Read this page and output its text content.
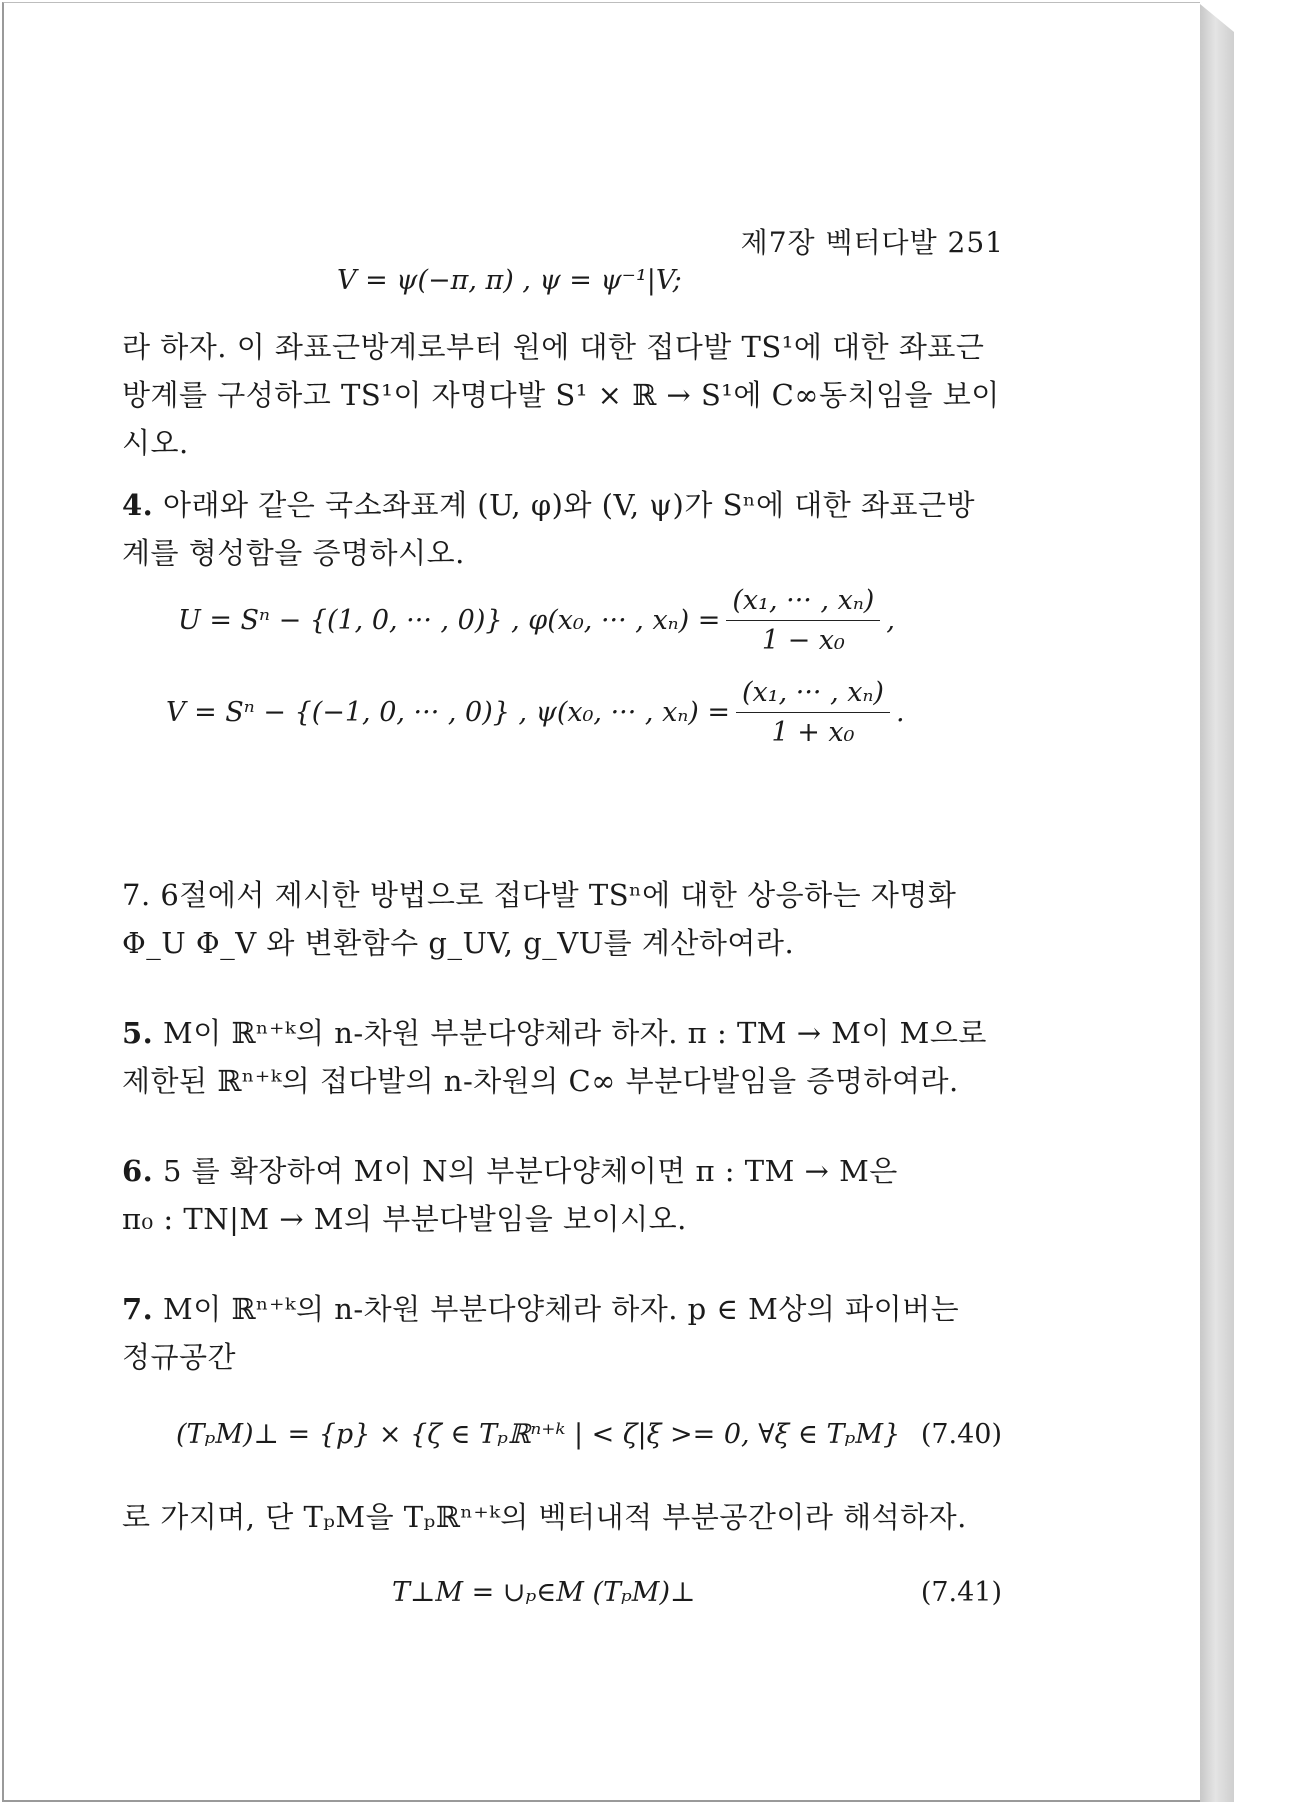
제7장 벡터다발 251
V = ψ(−π, π) , ψ = ψ⁻¹|V;
라 하자. 이 좌표근방계로부터 원에 대한 접다발 TS¹에 대한 좌표근
방계를 구성하고 TS¹이 자명다발 S¹ × ℝ → S¹에 C∞동치임을 보이
시오.
4. 아래와 같은 국소좌표계 (U, φ)와 (V, ψ)가 Sⁿ에 대한 좌표근방
계를 형성함을 증명하시오.
U = Sⁿ − {(1, 0, ··· , 0)} , φ(x₀, ··· , $x_n) = \frac{\text{(x₁, ··· , xₙ)}}{\text{1 − x₀}}$ ,
V = Sⁿ − {(−1, 0, ··· , 0)} , ψ(x₀, ··· , $x_n) = \frac{\text{(x₁, ··· , xₙ)}}{\text{1 + x₀}}$ .
7. 6절에서 제시한 방법으로 접다발 TSⁿ에 대한 상응하는 자명화
Φ_U Φ_V 와 변환함수 g_UV, g_VU를 계산하여라.
5. M이 ℝⁿ⁺ᵏ의 n-차원 부분다양체라 하자. π : TM → M이 M으로
제한된 ℝⁿ⁺ᵏ의 접다발의 n-차원의 C∞ 부분다발임을 증명하여라.
6. 5 를 확장하여 M이 N의 부분다양체이면 π : TM → M은
π₀ : TN|M → M의 부분다발임을 보이시오.
7. M이 ℝⁿ⁺ᵏ의 n-차원 부분다양체라 하자. p ∈ M상의 파이버는
정규공간
(TₚM)⊥ = {p} × {ζ ∈ Tₚℝⁿ⁺ᵏ | < ζ|ξ >= 0, ∀ξ ∈ TₚM} (7.40)
로 가지며, 단 TₚM을 Tₚℝⁿ⁺ᵏ의 벡터내적 부분공간이라 해석하자.
T⊥M = ∪ₚ∈M (TₚM)⊥	(7.41)
